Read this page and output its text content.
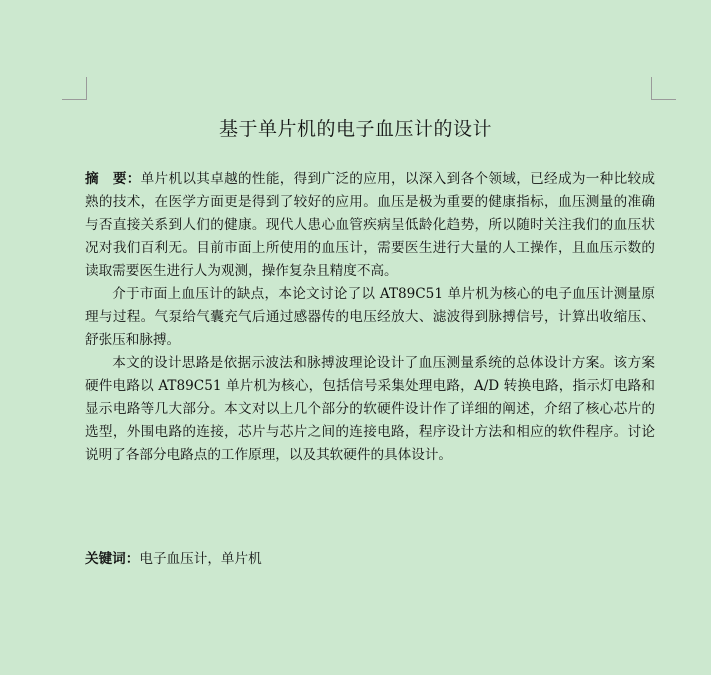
基于单片机的电子血压计的设计

摘　要：单片机以其卓越的性能，得到广泛的应用，以深入到各个领域，已经成为一种比较成熟的技术，在医学方面更是得到了较好的应用。血压是极为重要的健康指标，血压测量的准确与否直接关系到人们的健康。现代人患心血管疾病呈低龄化趋势，所以随时关注我们的血压状况对我们百利无。目前市面上所使用的血压计，需要医生进行大量的人工操作，且血压示数的读取需要医生进行人为观测，操作复杂且精度不高。

介于市面上血压计的缺点，本论文讨论了以 AT89C51 单片机为核心的电子血压计测量原理与过程。气泵给气囊充气后通过感器传的电压经放大、滤波得到脉搏信号，计算出收缩压、舒张压和脉搏。

本文的设计思路是依据示波法和脉搏波理论设计了血压测量系统的总体设计方案。该方案硬件电路以 AT89C51 单片机为核心，包括信号采集处理电路，A/D 转换电路，指示灯电路和显示电路等几大部分。本文对以上几个部分的软硬件设计作了详细的阐述，介绍了核心芯片的选型，外围电路的连接，芯片与芯片之间的连接电路，程序设计方法和相应的软件程序。讨论说明了各部分电路点的工作原理，以及其软硬件的具体设计。

关键词：电子血压计，单片机
